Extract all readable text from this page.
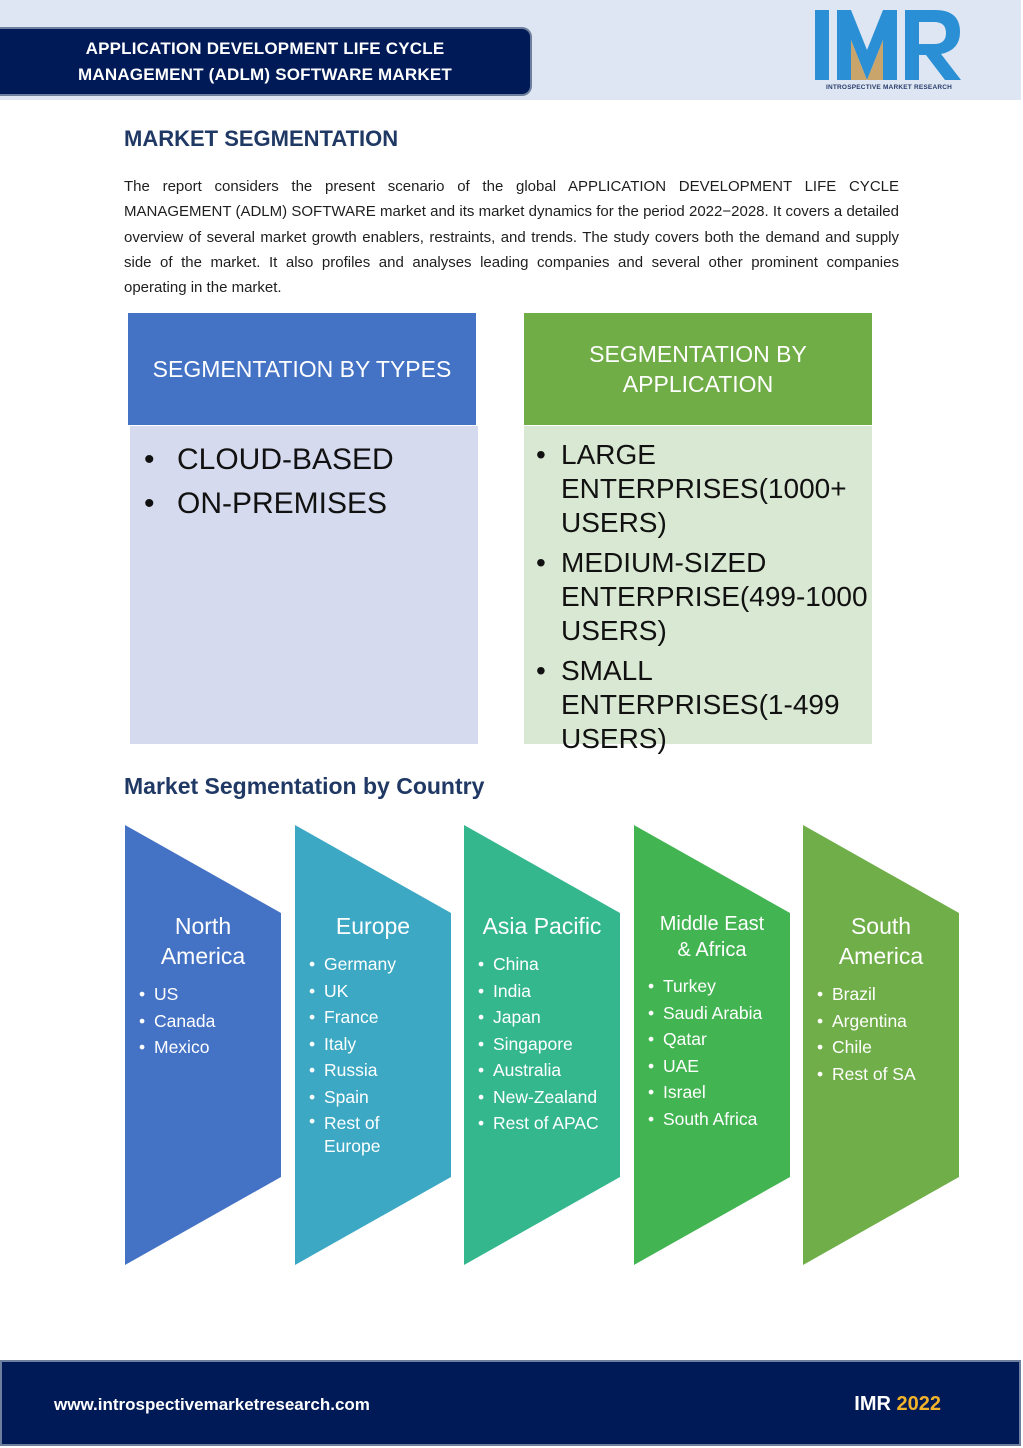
APPLICATION DEVELOPMENT LIFE CYCLE
MANAGEMENT (ADLM) SOFTWARE MARKET
INTROSPECTIVE MARKET RESEARCH
MARKET SEGMENTATION
The report considers the present scenario of the global APPLICATION DEVELOPMENT LIFE CYCLE MANAGEMENT (ADLM) SOFTWARE market and its market dynamics for the period 2022−2028. It covers a detailed overview of several market growth enablers, restraints, and trends. The study covers both the demand and supply side of the market. It also profiles and analyses leading companies and several other prominent companies operating in the market.
SEGMENTATION BY TYPES
• CLOUD-BASED
• ON-PREMISES
SEGMENTATION BY
APPLICATION
• LARGE ENTERPRISES(1000+ USERS)
• MEDIUM-SIZED ENTERPRISE(499-1000 USERS)
• SMALL ENTERPRISES(1-499 USERS)
Market Segmentation by Country
North
America
• US
• Canada
• Mexico
Europe
• Germany
• UK
• France
• Italy
• Russia
• Spain
• Rest of Europe
Asia Pacific
• China
• India
• Japan
• Singapore
• Australia
• New-Zealand
• Rest of APAC
Middle East
& Africa
• Turkey
• Saudi Arabia
• Qatar
• UAE
• Israel
• South Africa
South
America
• Brazil
• Argentina
• Chile
• Rest of SA
www.introspectivemarketresearch.com	IMR 2022
